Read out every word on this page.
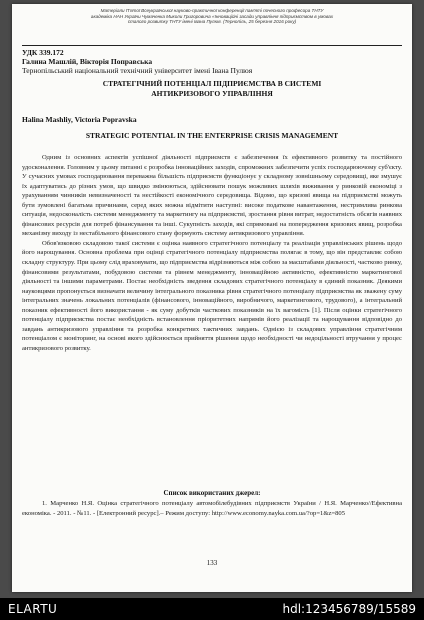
Матеріали П'ятої Всеукраїнської науково-практичної конференції пам'яті почесного професора ТНТУ
академіка НАН України Чумаченка Миколи Григоровича «Інноваційні засади управління підприємством в умовах
сталого розвитку ТНТУ імені Івана Пулюя. (Тернопіль, 25 березня 2016 року)
УДК 339.172
Галина Машлій, Вікторія Поправська
Тернопільський національний технічний університет імені Івана Пулюя
СТРАТЕГІЧНИЙ ПОТЕНЦІАЛ ПІДПРИЄМСТВА В СИСТЕМІ
АНТИКРИЗОВОГО УПРАВЛІННЯ
Halina Mashliy, Victoria Popravska
STRATEGIC POTENTIAL IN THE ENTERPRISE CRISIS MANAGEMENT

Одним із основних аспектів успішної діяльності підприємств є забезпечення їх ефективного розвитку та постійного удосконалення. Головним у цьому питанні є розробка інноваційних заходів, спроможних забезпечити успіх господарюючому суб'єкту. У сучасних умовах господарювання переважна більшість підприємств функціонує у складному зовнішньому середовищі, яке змушує їх адаптуватись до різних умов, що швидко змінюються, здійснювати пошук можливих шляхів виживання у ринковій економіці з урахуванням чинників невизначеності та нестійкості економічного середовища. Відомо, що кризові явища на підприємстві можуть бути зумовлені багатьма причинами, серед яких можна відмітити наступні: високе податкове навантаження, нестримлива ринкова ситуація, недосконалість системи менеджменту та маркетингу на підприємстві, зростання рівня витрат, недостатність обсягів наявних фінансових ресурсів для потреб фінансування та інші. Сукупність заходів, які спрямовані на попередження кризових явищ, розробка механізму виходу із нестабільного фінансового стану формують систему антикризового управління.

Обов'язковою складовою такої системи є оцінка наявного стратегічного потенціалу та реалізація управлінських рішень щодо його нарощування. Основна проблема при оцінці стратегічного потенціалу підприємства полягає в тому, що він представляє собою складну структуру. При цьому слід враховувати, що підприємства відрізняються між собою за масштабами діяльності, частково ринку, фінансовими результатами, побудовою системи та рівнем менеджменту, інноваційною активністю, ефективністю маркетингової діяльності та іншими параметрами. Постає необхідність зведення складових стратегічного потенціалу в єдиний показник. Деякими науковцями пропонується визначати величину інтегрального показника рівня стратегічного потенціалу підприємства як зважену суму інтегральних значень локальних потенціалів (фінансового, інноваційного, виробничого, маркетингового, трудового), а інтегральний показник ефективності його використання - як суму добутків часткових показників на їх вагомість [1]. Після оцінки стратегічного потенціалу підприємства постає необхідність встановлення пріоритетних напрямів його реалізації та нарощування відповідно до завдань антикризового управління та розробка конкретних тактичних завдань. Однією із складових управління стратегічним потенціалом є моніторинг, на основі якого здійснюється прийняття рішення щодо необхідності чи недоцільності втручання у процес антикризового розвитку.

Список використаних джерел:

1. Марченко Н.Я. Оцінка стратегічного потенціалу автомобілебудівних підприємств України / Н.Я. Марченко//Ефективна економіка. - 2011. - №11. - [Електронний ресурс].– Режим доступу: http://www.economy.nayka.com.ua/?op=1&z=805

133
ELARTU	hdl:123456789/15589
